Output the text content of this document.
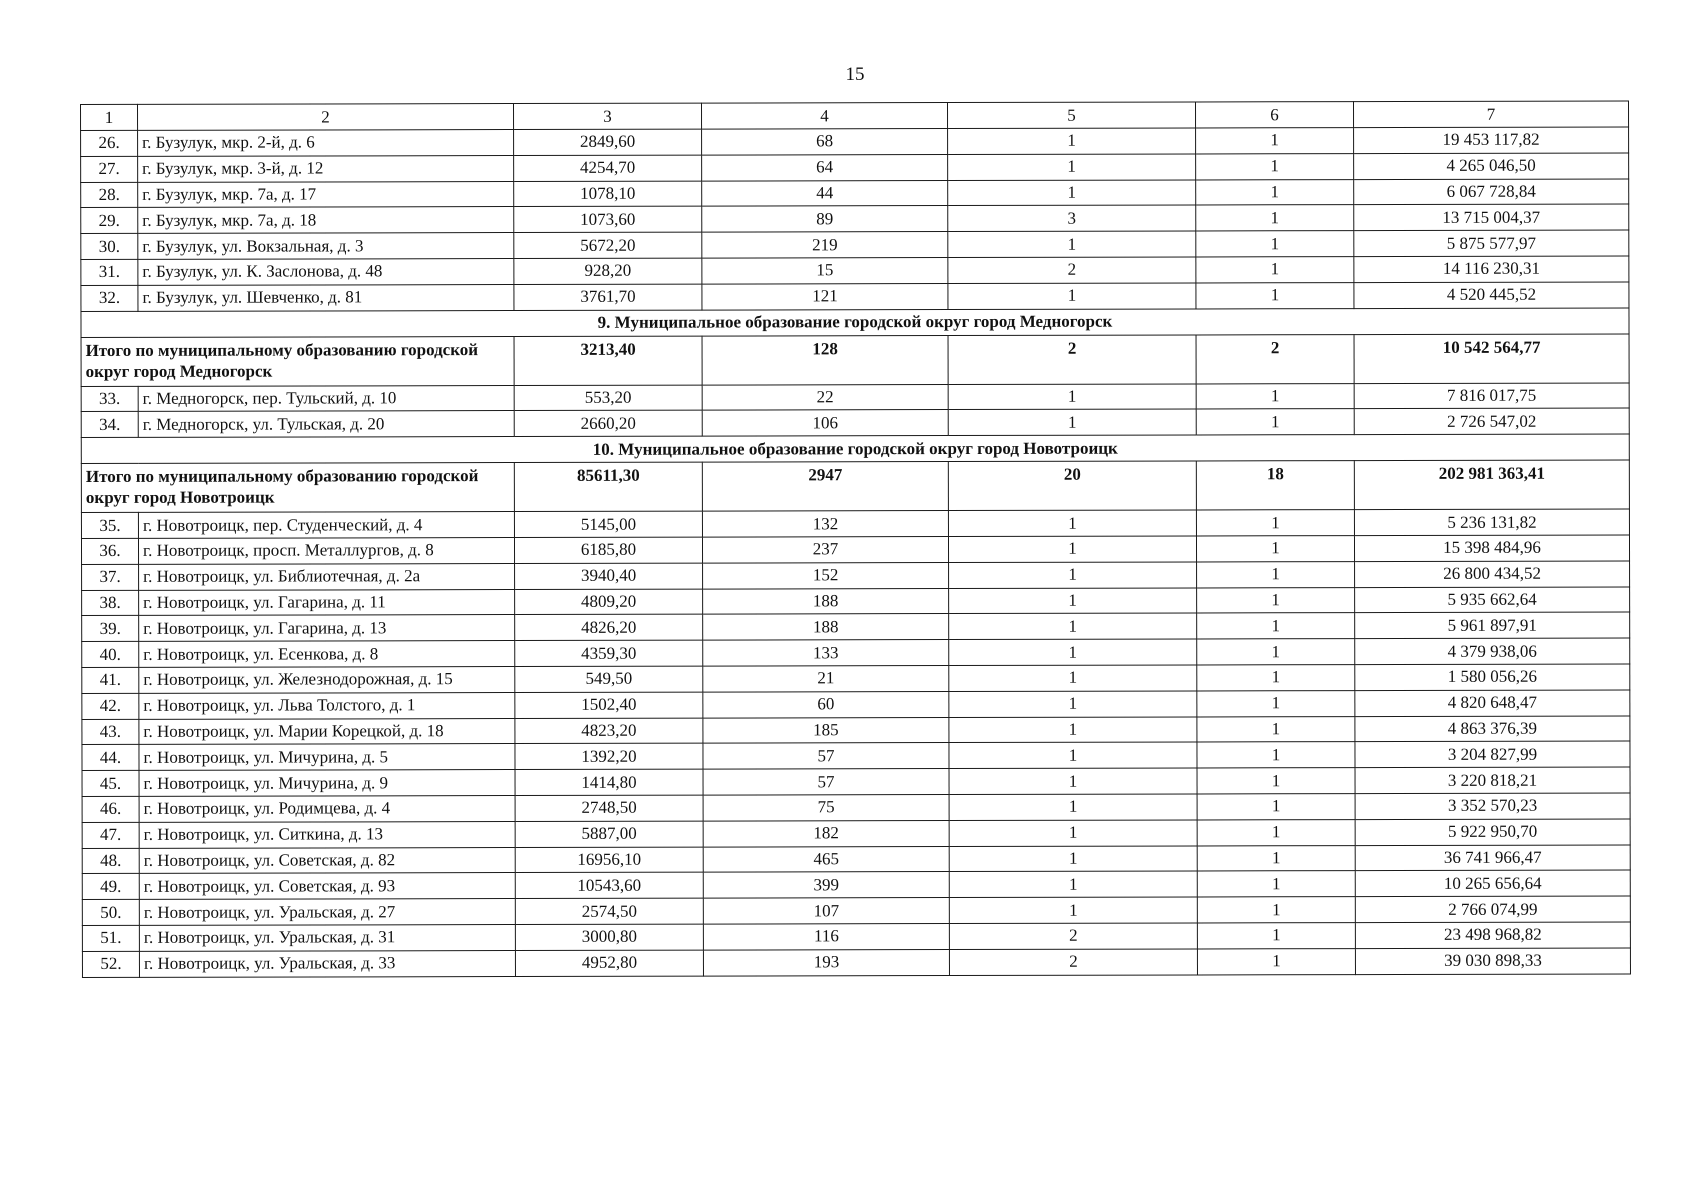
15
1	2	3	4	5	6	7
26.	г. Бузулук, мкр. 2-й, д. 6	2849,60	68	1	1	19 453 117,82
27.	г. Бузулук, мкр. 3-й, д. 12	4254,70	64	1	1	4 265 046,50
28.	г. Бузулук, мкр. 7а, д. 17	1078,10	44	1	1	6 067 728,84
29.	г. Бузулук, мкр. 7а, д. 18	1073,60	89	3	1	13 715 004,37
30.	г. Бузулук, ул. Вокзальная, д. 3	5672,20	219	1	1	5 875 577,97
31.	г. Бузулук, ул. К. Заслонова, д. 48	928,20	15	2	1	14 116 230,31
32.	г. Бузулук, ул. Шевченко, д. 81	3761,70	121	1	1	4 520 445,52
9. Муниципальное образование городской округ город Медногорск						
Итого по муниципальному образованию городской округ город Медногорск		3213,40	128	2	2	10 542 564,77
33.	г. Медногорск, пер. Тульский, д. 10	553,20	22	1	1	7 816 017,75
34.	г. Медногорск, ул. Тульская, д. 20	2660,20	106	1	1	2 726 547,02
10. Муниципальное образование городской округ город Новотроицк						
Итого по муниципальному образованию городской округ город Новотроицк		85611,30	2947	20	18	202 981 363,41
35.	г. Новотроицк, пер. Студенческий, д. 4	5145,00	132	1	1	5 236 131,82
36.	г. Новотроицк, просп. Металлургов, д. 8	6185,80	237	1	1	15 398 484,96
37.	г. Новотроицк, ул. Библиотечная, д. 2а	3940,40	152	1	1	26 800 434,52
38.	г. Новотроицк, ул. Гагарина, д. 11	4809,20	188	1	1	5 935 662,64
39.	г. Новотроицк, ул. Гагарина, д. 13	4826,20	188	1	1	5 961 897,91
40.	г. Новотроицк, ул. Есенкова, д. 8	4359,30	133	1	1	4 379 938,06
41.	г. Новотроицк, ул. Железнодорожная, д. 15	549,50	21	1	1	1 580 056,26
42.	г. Новотроицк, ул. Льва Толстого, д. 1	1502,40	60	1	1	4 820 648,47
43.	г. Новотроицк, ул. Марии Корецкой, д. 18	4823,20	185	1	1	4 863 376,39
44.	г. Новотроицк, ул. Мичурина, д. 5	1392,20	57	1	1	3 204 827,99
45.	г. Новотроицк, ул. Мичурина, д. 9	1414,80	57	1	1	3 220 818,21
46.	г. Новотроицк, ул. Родимцева, д. 4	2748,50	75	1	1	3 352 570,23
47.	г. Новотроицк, ул. Ситкина, д. 13	5887,00	182	1	1	5 922 950,70
48.	г. Новотроицк, ул. Советская, д. 82	16956,10	465	1	1	36 741 966,47
49.	г. Новотроицк, ул. Советская, д. 93	10543,60	399	1	1	10 265 656,64
50.	г. Новотроицк, ул. Уральская, д. 27	2574,50	107	1	1	2 766 074,99
51.	г. Новотроицк, ул. Уральская, д. 31	3000,80	116	2	1	23 498 968,82
52.	г. Новотроицк, ул. Уральская, д. 33	4952,80	193	2	1	39 030 898,33
